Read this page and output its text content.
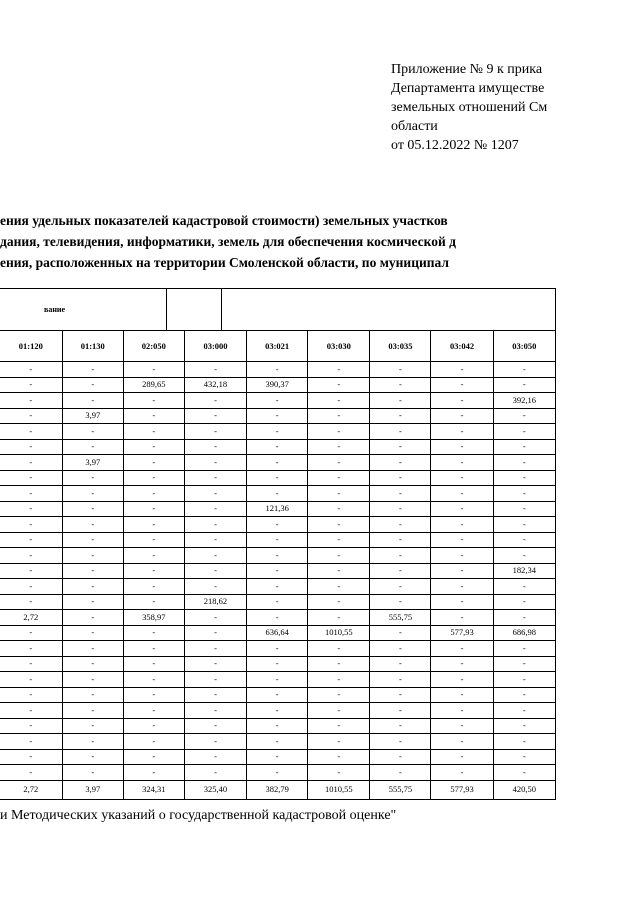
Приложение № 9 к прика
Департамента имуществе
земельных отношений См
области
от 05.12.2022 № 1207
ения удельных показателей кадастровой стоимости) земельных участков
дания, телевидения, информатики, земель для обеспечения космической д
ения, расположенных на территории Смоленской области, по муниципал
вание
01:120	01:130	02:050	03:000	03:021	03:030	03:035	03:042	03:050
-	-	-	-	-	-	-	-	-
-	-	289,65	432,18	390,37	-	-	-	-
-	-	-	-	-	-	-	-	392,16
-	3,97	-	-	-	-	-	-	-
-	-	-	-	-	-	-	-	-
-	-	-	-	-	-	-	-	-
-	3,97	-	-	-	-	-	-	-
-	-	-	-	-	-	-	-	-
-	-	-	-	-	-	-	-	-
-	-	-	-	121,36	-	-	-	-
-	-	-	-	-	-	-	-	-
-	-	-	-	-	-	-	-	-
-	-	-	-	-	-	-	-	-
-	-	-	-	-	-	-	-	182,34
-	-	-	-	-	-	-	-	-
-	-	-	218,62	-	-	-	-	-
2,72	-	358,97	-	-	-	555,75	-	-
-	-	-	-	636,64	1010,55	-	577,93	686,98
-	-	-	-	-	-	-	-	-
-	-	-	-	-	-	-	-	-
-	-	-	-	-	-	-	-	-
-	-	-	-	-	-	-	-	-
-	-	-	-	-	-	-	-	-
-	-	-	-	-	-	-	-	-
-	-	-	-	-	-	-	-	-
-	-	-	-	-	-	-	-	-
-	-	-	-	-	-	-	-	-
2,72	3,97	324,31	325,40	382,79	1010,55	555,75	577,93	420,50
и Методических указаний о государственной кадастровой оценке"
